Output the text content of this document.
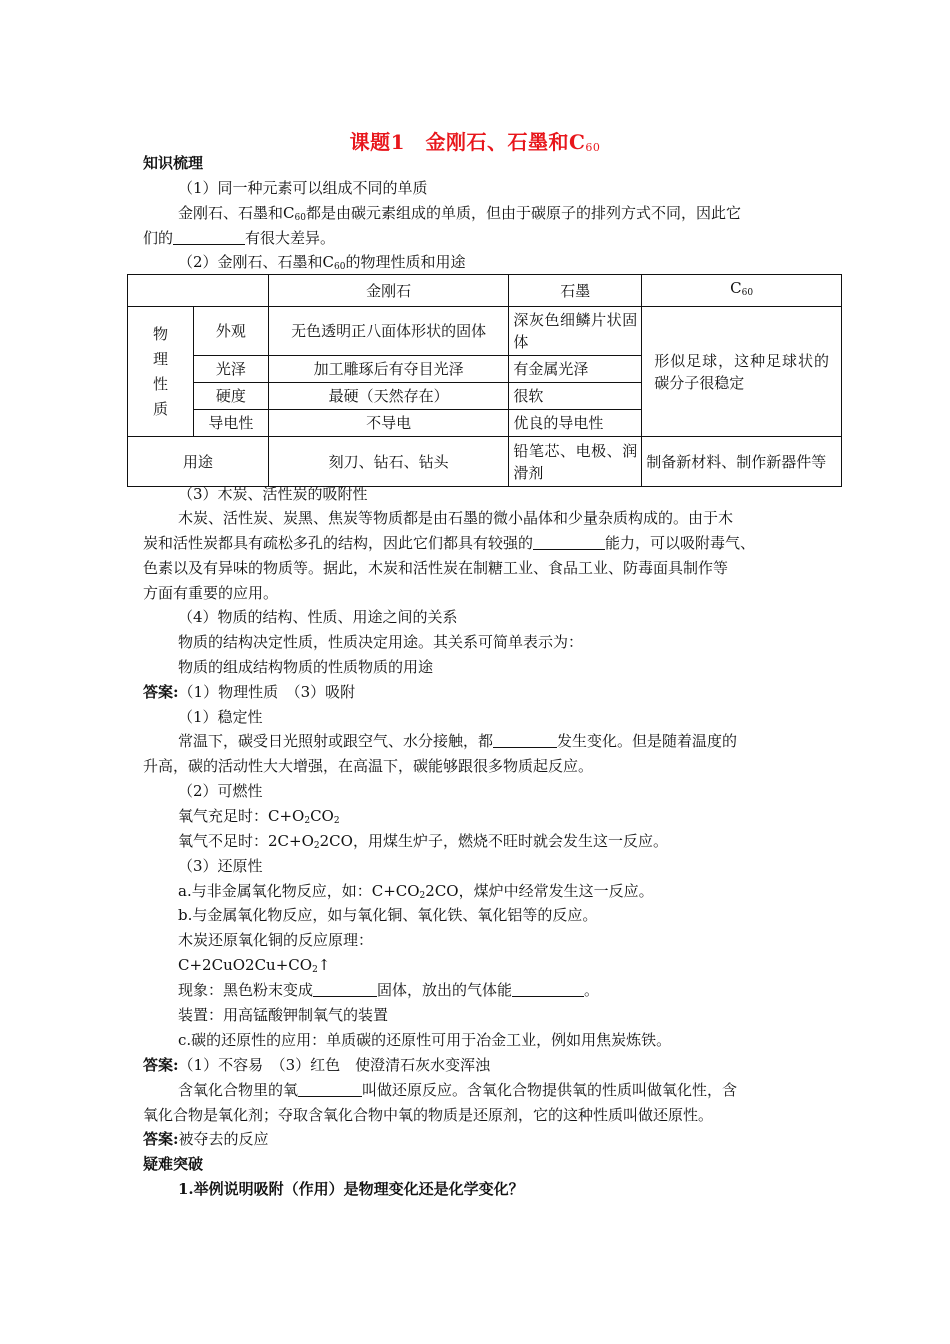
课题1　金刚石、石墨和$C_{60}$
知识梳理
（1）同一种元素可以组成不同的单质
金刚石、石墨和$C_{60}$都是由碳元素组成的单质，但由于碳原子的排列方式不同，因此它
们的	有很大差异。
（2）金刚石、石墨和$C_{60}$的物理性质和用途
		金刚石	石墨	$C_{60}$

物理性质	外观	无色透明正八面体形状的固体	深灰色细鳞片状固体	形似足球，这种足球状的碳分子很稳定
	光泽	加工雕琢后有夺目光泽	有金属光泽	
	硬度	最硬（天然存在）	很软	
	导电性	不导电	优良的导电性	
用途		刻刀、钻石、钻头	铅笔芯、电极、润滑剂	制备新材料、制作新器件等
（3）木炭、活性炭的吸附性
木炭、活性炭、炭黑、焦炭等物质都是由石墨的微小晶体和少量杂质构成的。由于木
炭和活性炭都具有疏松多孔的结构，因此它们都具有较强的	能力，可以吸附毒气、
色素以及有异味的物质等。据此，木炭和活性炭在制糖工业、食品工业、防毒面具制作等
方面有重要的应用。
（4）物质的结构、性质、用途之间的关系
物质的结构决定性质，性质决定用途。其关系可简单表示为：
物质的组成结构物质的性质物质的用途
答案:（1）物理性质　（3）吸附
（1）稳定性
常温下，碳受日光照射或跟空气、水分接触，都	发生变化。但是随着温度的
升高，碳的活动性大大增强，在高温下，碳能够跟很多物质起反应。
（2）可燃性
氧气充足时：$C+O_2CO_2$
氧气不足时：$2C+O_22CO$，用煤生炉子，燃烧不旺时就会发生这一反应。
（3）还原性
a.与非金属氧化物反应，如：$C+CO_22CO$，煤炉中经常发生这一反应。
b.与金属氧化物反应，如与氧化铜、氧化铁、氧化铝等的反应。
木炭还原氧化铜的反应原理：
$C+2CuO2Cu+CO_2↑$
现象：黑色粉末变成	固体，放出的气体能	。
装置：用高锰酸钾制氧气的装置
c.碳的还原性的应用：单质碳的还原性可用于冶金工业，例如用焦炭炼铁。
答案:（1）不容易　（3）红色　使澄清石灰水变浑浊
含氧化合物里的氧	叫做还原反应。含氧化合物提供氧的性质叫做氧化性，含
氧化合物是氧化剂；夺取含氧化合物中氧的物质是还原剂，它的这种性质叫做还原性。
答案:被夺去的反应
疑难突破
1.举例说明吸附（作用）是物理变化还是化学变化？
